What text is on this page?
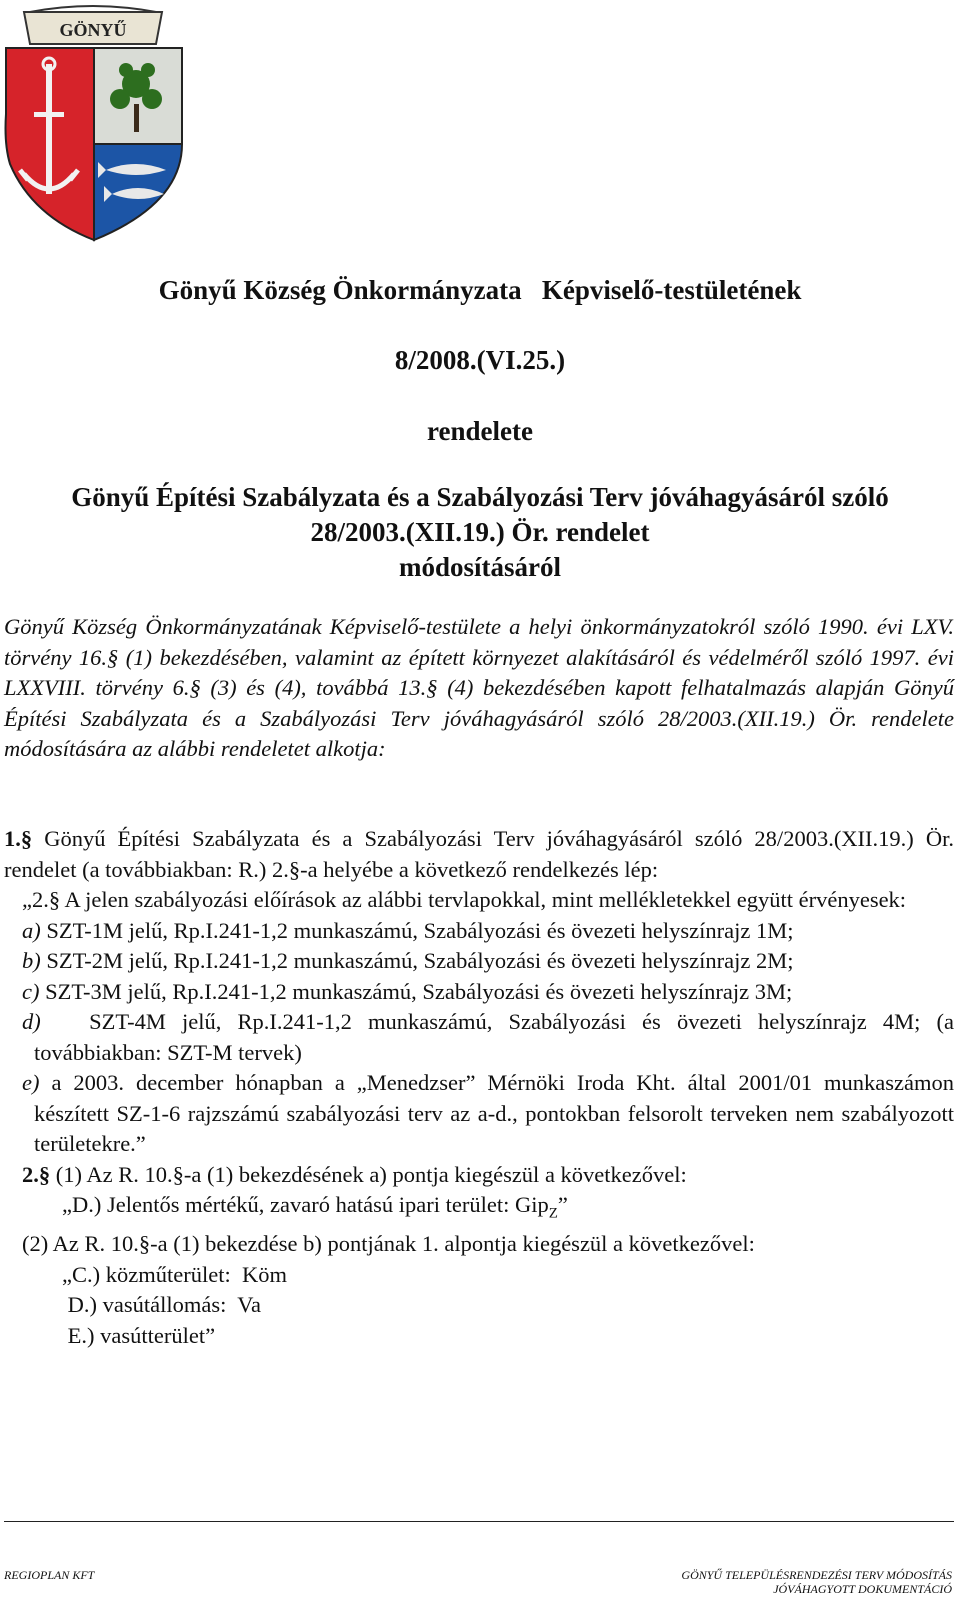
GÖNYŰ
Gönyű Község Önkormányzata   Képviselő-testületének
8/2008.(VI.25.)
rendelete
Gönyű Építési Szabályzata és a Szabályozási Terv jóváhagyásáról szóló
28/2003.(XII.19.) Ör. rendelet
módosításáról
Gönyű Község Önkormányzatának Képviselő-testülete a helyi önkormányzatokról szóló 1990. évi LXV. törvény 16.§ (1) bekezdésében, valamint az épített környezet alakításáról és védelméről szóló 1997. évi LXXVIII. törvény 6.§ (3) és (4), továbbá 13.§ (4) bekezdésében kapott felhatalmazás alapján Gönyű Építési Szabályzata és a Szabályozási Terv jóváhagyásáról szóló 28/2003.(XII.19.) Ör. rendelete módosítására az alábbi rendeletet alkotja:

1.§ Gönyű Építési Szabályzata és a Szabályozási Terv jóváhagyásáról szóló 28/2003.(XII.19.) Ör. rendelet (a továbbiakban: R.) 2.§-a helyébe a következő rendelkezés lép:

„2.§ A jelen szabályozási előírások az alábbi tervlapokkal, mint mellékletekkel együtt érvényesek:

a) SZT-1M jelű, Rp.I.241-1,2 munkaszámú, Szabályozási és övezeti helyszínrajz 1M;

b) SZT-2M jelű, Rp.I.241-1,2 munkaszámú, Szabályozási és övezeti helyszínrajz 2M;

c) SZT-3M jelű, Rp.I.241-1,2 munkaszámú, Szabályozási és övezeti helyszínrajz 3M;

d)   SZT-4M jelű, Rp.I.241-1,2 munkaszámú, Szabályozási és övezeti helyszínrajz 4M; (a továbbiakban: SZT-M tervek)

e) a 2003. december hónapban a „Menedzser” Mérnöki Iroda Kht. által 2001/01 munkaszámon készített SZ-1-6 rajzszámú szabályozási terv az a-d., pontokban felsorolt terveken nem szabályozott területekre.”

2.§ (1) Az R. 10.§-a (1) bekezdésének a) pontja kiegészül a következővel:

„D.) Jelentős mértékű, zavaró hatású ipari terület: Gip$_Z$”

(2) Az R. 10.§-a (1) bekezdése b) pontjának 1. alpontja kiegészül a következővel:

„C.) közműterület:  Köm

D.) vasútállomás:  Va

E.) vasútterület”

REGIOPLAN KFT	GÖNYŰ TELEPÜLÉSRENDEZÉSI TERV MÓDOSÍTÁS
JÓVÁHAGYOTT DOKUMENTÁCIÓ
